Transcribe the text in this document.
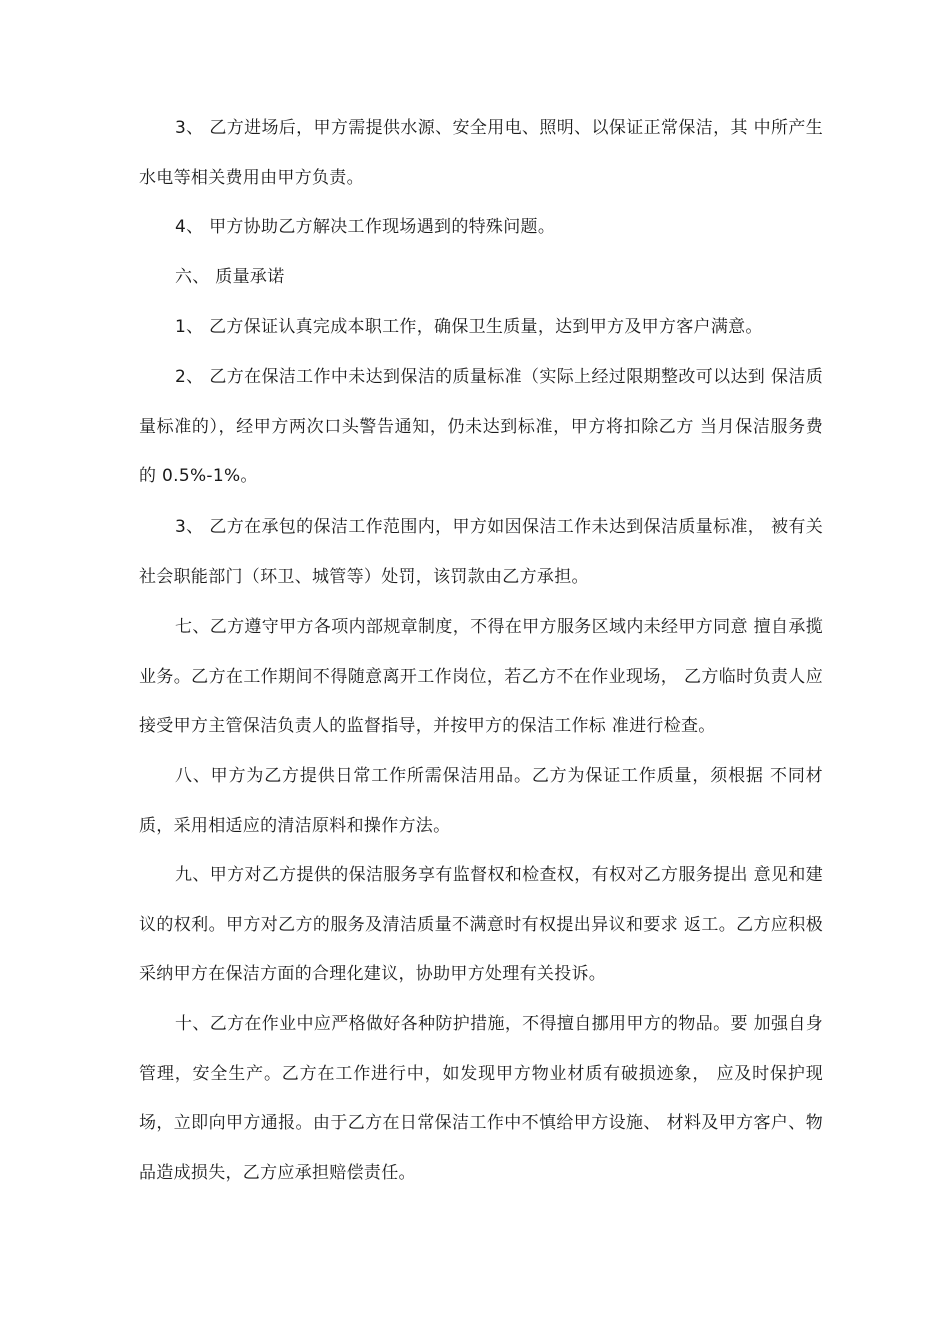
3、 乙方进场后，甲方需提供水源、安全用电、照明、以保证正常保洁，其 中所产生水电等相关费用由甲方负责。

4、 甲方协助乙方解决工作现场遇到的特殊问题。

六、 质量承诺

1、 乙方保证认真完成本职工作，确保卫生质量，达到甲方及甲方客户满意。

2、 乙方在保洁工作中未达到保洁的质量标准（实际上经过限期整改可以达到 保洁质量标准的），经甲方两次口头警告通知，仍未达到标准，甲方将扣除乙方 当月保洁服务费的 0.5%-1%。

3、 乙方在承包的保洁工作范围内，甲方如因保洁工作未达到保洁质量标准， 被有关社会职能部门（环卫、城管等）处罚，该罚款由乙方承担。

七、乙方遵守甲方各项内部规章制度，不得在甲方服务区域内未经甲方同意 擅自承揽业务。乙方在工作期间不得随意离开工作岗位，若乙方不在作业现场， 乙方临时负责人应接受甲方主管保洁负责人的监督指导，并按甲方的保洁工作标 准进行检查。

八、甲方为乙方提供日常工作所需保洁用品。乙方为保证工作质量，须根据 不同材质，采用相适应的清洁原料和操作方法。

九、甲方对乙方提供的保洁服务享有监督权和检查权，有权对乙方服务提出 意见和建议的权利。甲方对乙方的服务及清洁质量不满意时有权提出异议和要求 返工。乙方应积极采纳甲方在保洁方面的合理化建议，协助甲方处理有关投诉。

十、乙方在作业中应严格做好各种防护措施，不得擅自挪用甲方的物品。要 加强自身管理，安全生产。乙方在工作进行中，如发现甲方物业材质有破损迹象， 应及时保护现场，立即向甲方通报。由于乙方在日常保洁工作中不慎给甲方设施、 材料及甲方客户、物品造成损失，乙方应承担赔偿责任。
